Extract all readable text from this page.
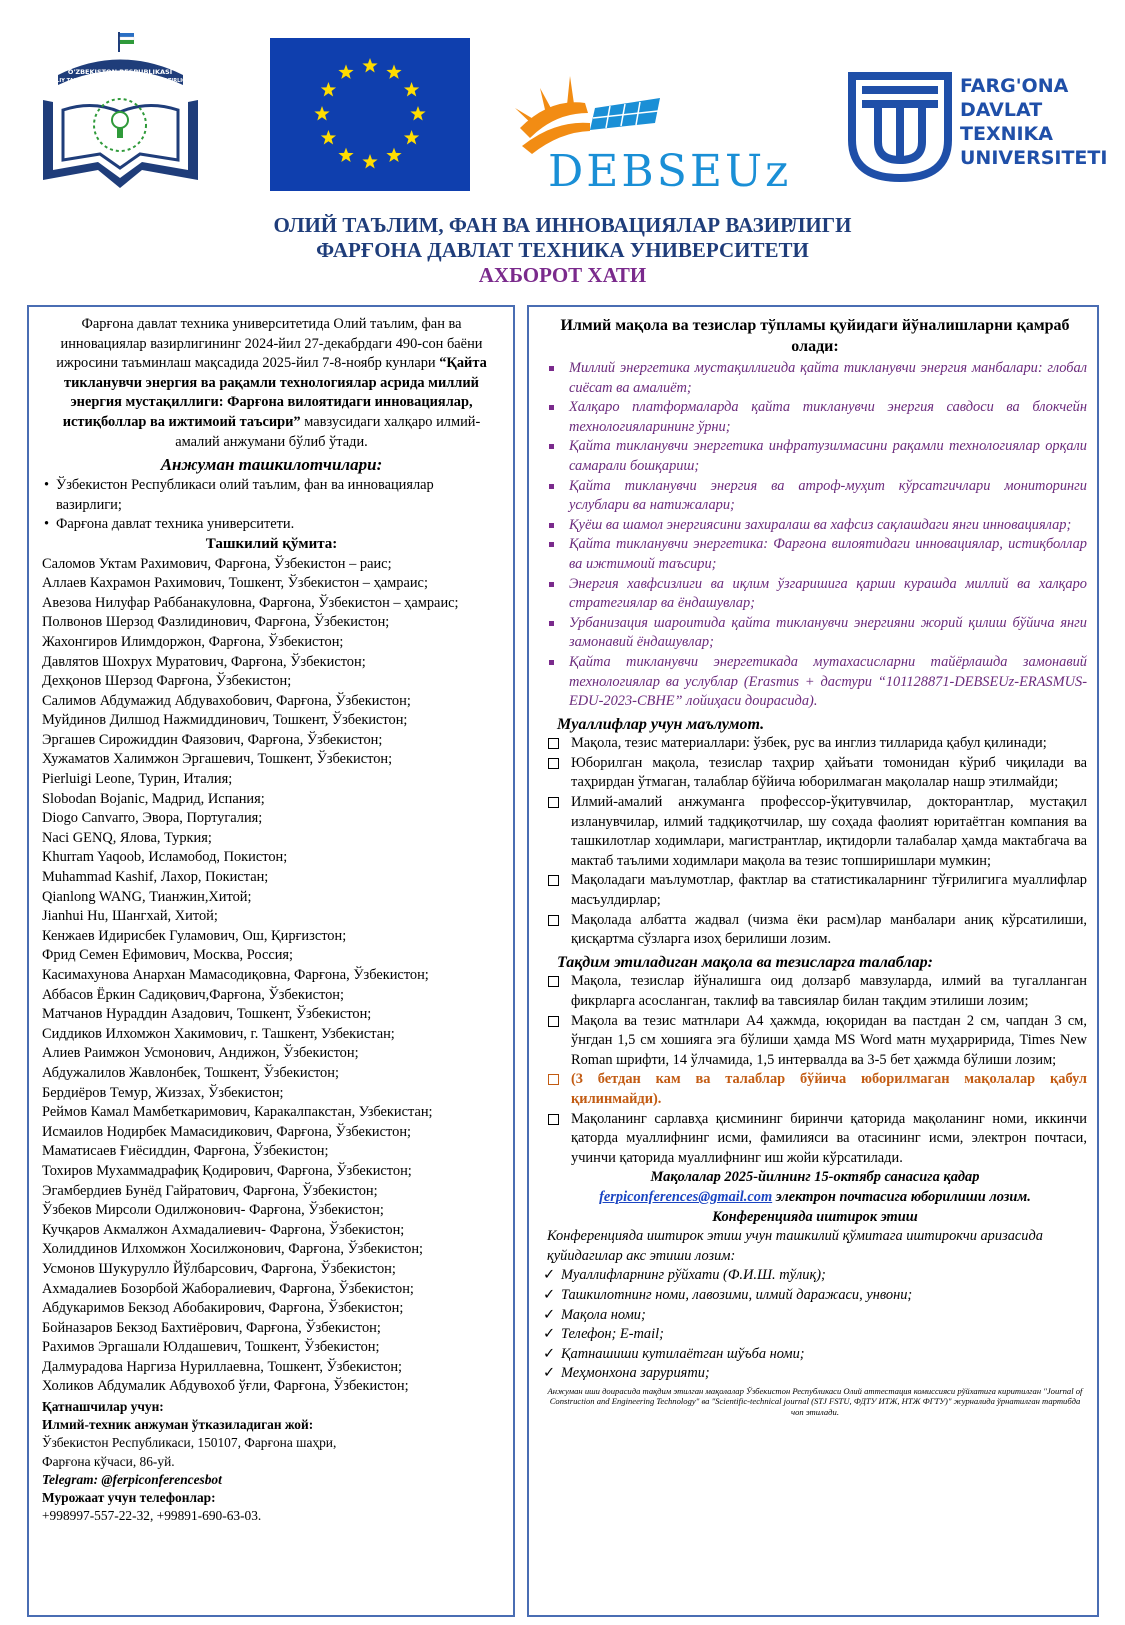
O'ZBEKISTON RESPUBLIKASI
OLIY TA'LIM, FAN VA INNOVATSIYALAR VAZIRLIGI
DEBSEUz
FARG'ONA
DAVLAT
TEXNIKA
UNIVERSITETI
ОЛИЙ ТАЪЛИМ, ФАН ВА ИННОВАЦИЯЛАР ВАЗИРЛИГИ
ФАРҒОНА ДАВЛАТ ТЕХНИКА УНИВЕРСИТЕТИ
АХБОРОТ ХАТИ
Фарғона давлат техника университетида Олий таълим, фан ва инновациялар вазирлигининг 2024-йил 27-декабрдаги 490-сон баёни ижросини таъминлаш мақсадида 2025-йил 7-8-ноябр кунлари “Қайта тикланувчи энергия ва рақамли технологиялар асрида миллий энергия мустақиллиги: Фарғона вилоятидаги инновациялар, истиқболлар ва ижтимоий таъсири” мавзусидаги халқаро илмий-амалий анжумани бўлиб ўтади.
Анжуман ташкилотчилари:
• Ўзбекистон Республикаси олий таълим, фан ва инновациялар вазирлиги;
• Фарғона давлат техника университети.
Ташкилий қўмита:
Саломов Уктам Рахимович, Фарғона, Ўзбекистон – раис;
Аллаев Кахрамон Рахимович, Тошкент, Ўзбекистон – ҳамраис;
Авезова Нилуфар Раббанакуловна, Фарғона, Ўзбекистон – ҳамраис;
Полвонов Шерзод Фазлидинович, Фарғона, Ўзбекистон;
Жахонгиров Илимдоржон, Фарғона, Ўзбекистон;
Давлятов Шохрух Муратович, Фарғона, Ўзбекистон;
Дехқонов Шерзод Фарғона, Ўзбекистон;
Салимов Абдумажид Абдувахобович, Фарғона, Ўзбекистон;
Муйдинов Дилшод Нажмиддинович, Тошкент, Ўзбекистон;
Эргашев Сирожиддин Фаязович, Фарғона, Ўзбекистон;
Хужаматов Халимжон Эргашевич, Тошкент, Ўзбекистон;
Pierluigi Leone, Турин, Италия;
Slobodan Bojanic, Мадрид, Испания;
Diogo Canvarro, Эвора, Португалия;
Naci GENQ, Ялова, Туркия;
Khurram Yaqoob, Исламобод, Покистон;
Muhammad Kashif, Лахор, Покистан;
Qianlong WANG, Тианжин,Хитой;
Jianhui Hu, Шангхай, Хитой;
Кенжаев Идирисбек Гуламович, Ош, Қирғизстон;
Фрид Семен Ефимович, Москва, Россия;
Касимахунова Анархан Мамасодиқовна, Фарғона, Ўзбекистон;
Аббасов Ёркин Садиқович,Фарғона, Ўзбекистон;
Матчанов Нураддин Азадович, Тошкент, Ўзбекистон;
Сиддиков Илхомжон Хакимович, г. Ташкент, Узбекистан;
Алиев Раимжон Усмонович, Андижон, Ўзбекистон;
Абдужалилов Жавлонбек, Тошкент, Ўзбекистон;
Бердиёров Темур, Жиззах, Ўзбекистон;
Реймов Камал Мамбеткаримович, Каракалпакстан, Узбекистан;
Исмаилов Нодирбек Мамасидикович, Фарғона, Ўзбекистон;
Маматисаев Ғиёсиддин, Фарғона, Ўзбекистон;
Тохиров Мухаммадрафиқ Қодирович, Фарғона, Ўзбекистон;
Эгамбердиев Бунёд Гайратович, Фарғона, Ўзбекистон;
Ўзбеков Мирсоли Одилжонович- Фарғона, Ўзбекистон;
Кучқаров Акмалжон Ахмадалиевич- Фарғона, Ўзбекистон;
Холиддинов Илхомжон Хосилжонович, Фарғона, Ўзбекистон;
Усмонов Шукурулло Йўлбарсович, Фарғона, Ўзбекистон;
Ахмадалиев Бозорбой Жаборалиевич, Фарғона, Ўзбекистон;
Абдукаримов Бекзод Абобакирович, Фарғона, Ўзбекистон;
Бойназаров Бекзод Бахтиёрович, Фарғона, Ўзбекистон;
Рахимов Эргашали Юлдашевич, Тошкент, Ўзбекистон;
Далмурадова Наргиза Нуриллаевна, Тошкент, Ўзбекистон;
Холиков Абдумалик Абдувохоб ўғли, Фарғона, Ўзбекистон;
Қатнашчилар учун:
Илмий-техник анжуман ўтказиладиган жой:
Ўзбекистон Республикаси, 150107, Фарғона шаҳри,
Фарғона кўчаси, 86-уй.
Telegram: @ferpiconferencesbot
Мурожаат учун телефонлар:
+998997-557-22-32, +99891-690-63-03.
Илмий мақола ва тезислар тўпламы қуйидаги йўналишларни қамраб олади:
Миллий энергетика мустақиллигида қайта тикланувчи энергия манбалари: глобал сиёсат ва амалиёт;
Халқаро платформаларда қайта тикланувчи энергия савдоси ва блокчейн технологияларининг ўрни;
Қайта тикланувчи энергетика инфратузилмасини рақамли технологиялар орқали самарали бошқариш;
Қайта тикланувчи энергия ва атроф-муҳит кўрсатгичлари мониторинги услублари ва натижалари;
Қуёш ва шамол энергиясини захиралаш ва хафсиз сақлашдаги янги инновациялар;
Қайта тикланувчи энергетика: Фарғона вилоятидаги инновациялар, истиқболлар ва ижтимоий таъсири;
Энергия хавфсизлиги ва иқлим ўзгаришига қарши курашда миллий ва халқаро стратегиялар ва ёндашувлар;
Урбанизация шароитида қайта тикланувчи энергияни жорий қилиш бўйича янги замонавий ёндашувлар;
Қайта тикланувчи энергетикада мутахасисларни тайёрлашда замонавий технологиялар ва услублар (Erasmus + дастури “101128871-DEBSEUz-ERASMUS-EDU-2023-CBHE” лойиҳаси доирасида).
Муаллифлар учун маълумот.
Мақола, тезис материаллари: ўзбек, рус ва инглиз тилларида қабул қилинади;
Юборилган мақола, тезислар таҳрир ҳайъати томонидан кўриб чиқилади ва таҳрирдан ўтмаган, талаблар бўйича юборилмаган мақолалар нашр этилмайди;
Илмий-амалий анжуманга профессор-ўқитувчилар, докторантлар, мустақил изланувчилар, илмий тадқиқотчилар, шу соҳада фаолият юритаётган компания ва ташкилотлар ходимлари, магистрантлар, иқтидорли талабалар ҳамда мактабгача ва мактаб таълими ходимлари мақола ва тезис топширишлари мумкин;
Мақоладаги маълумотлар, фактлар ва статистикаларнинг тўғрилигига муаллифлар масъулдирлар;
Мақолада албатта жадвал (чизма ёки расм)лар манбалари аниқ кўрсатилиши, қисқартма сўзларга изоҳ берилиши лозим.
Тақдим этиладиган мақола ва тезисларга талаблар:
Мақола, тезислар йўналишга оид долзарб мавзуларда, илмий ва тугалланган фикрларга асосланган, таклиф ва тавсиялар билан тақдим этилиши лозим;
Мақола ва тезис матнлари А4 ҳажмда, юқоридан ва пастдан 2 см, чапдан 3 см, ўнгдан 1,5 см хошияга эга бўлиши ҳамда MS Word матн муҳарририда, Times New Roman шрифти, 14 ўлчамида, 1,5 интервалда ва 3-5 бет ҳажмда бўлиши лозим;
(3 бетдан кам ва талаблар бўйича юборилмаган мақолалар қабул қилинмайди).
Мақоланинг сарлавҳа қисмининг биринчи қаторида мақоланинг номи, иккинчи қаторда муаллифнинг исми, фамилияси ва отасининг исми, электрон почтаси, учинчи қаторида муаллифнинг иш жойи кўрсатилади.
Мақолалар 2025-йилнинг 15-октябр санасига қадар
ferpiconferences@gmail.com электрон почтасига юборилиши лозим.
Конференцияда иштирок этиш
Конференцияда иштирок этиш учун ташкилий қўмитага иштирокчи аризасида қуйидагилар акс этиши лозим:
✓ Муаллифларнинг рўйхати (Ф.И.Ш. тўлиқ);
✓ Ташкилотнинг номи, лавозими, илмий даражаси, унвони;
✓ Мақола номи;
✓ Телефон; E-mail;
✓ Қатнашиши кутилаётган шўъба номи;
✓ Меҳмонхона зарурияти;
Анжуман иши доирасида тақдим этилган мақолалар Ўзбекистон Республикаси Олий аттестация комиссияси рўйхатига киритилган "Journal of Construction and Engineering Technology" ва "Scientific-technical journal (STJ FSTU, ФДТУ ИТЖ, НТЖ ФГТУ)" журналида ўрнатилган тартибда чоп этилади.
